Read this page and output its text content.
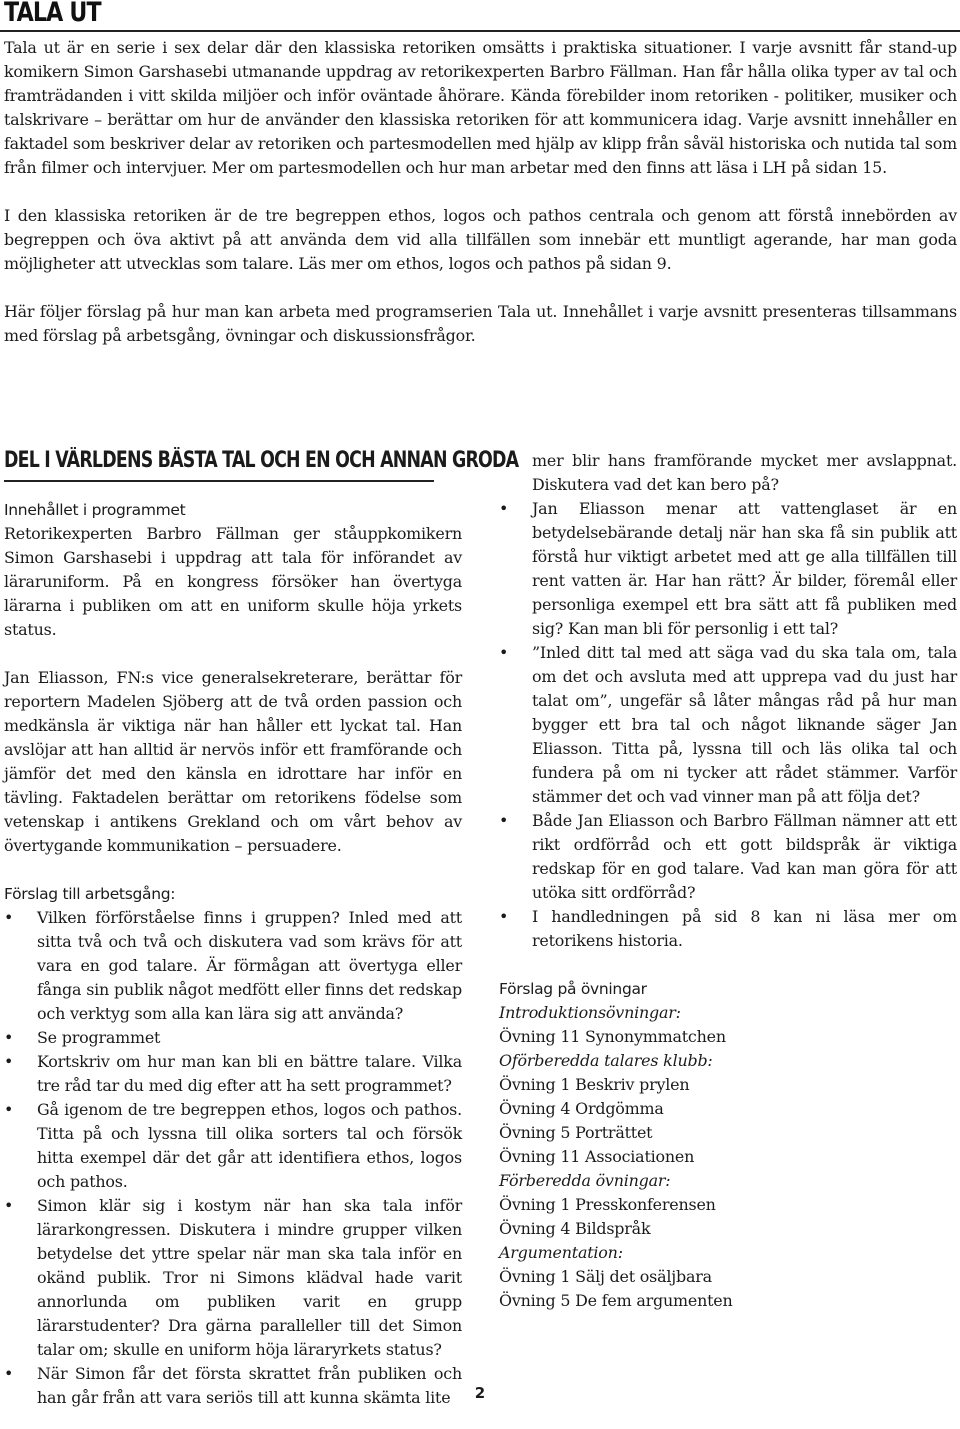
TALA UT

Tala ut är en serie i sex delar där den klassiska retoriken omsätts i praktiska situationer. I varje avsnitt får stand-up komikern Simon Garshasebi utmanande uppdrag av retorikexperten Barbro Fällman. Han får hålla olika typer av tal och framträdanden i vitt skilda miljöer och inför oväntade åhörare. Kända förebilder inom retoriken - politiker, musiker och talskrivare – berättar om hur de använder den klassiska retoriken för att kommunicera idag. Varje avsnitt innehåller en faktadel som beskriver delar av retoriken och partesmodellen med hjälp av klipp från såväl historiska och nutida tal som från filmer och intervjuer. Mer om partesmodellen och hur man arbetar med den finns att läsa i LH på sidan 15.

I den klassiska retoriken är de tre begreppen ethos, logos och pathos centrala och genom att förstå innebörden av begreppen och öva aktivt på att använda dem vid alla tillfällen som innebär ett muntligt agerande, har man goda möjligheter att utvecklas som talare. Läs mer om ethos, logos och pathos på sidan 9.

Här följer förslag på hur man kan arbeta med programserien Tala ut. Innehållet i varje avsnitt presenteras tillsammans med förslag på arbetsgång, övningar och diskussionsfrågor.

DEL I VÄRLDENS BÄSTA TAL OCH EN OCH ANNAN GRODA

Innehållet i programmet

Retorikexperten Barbro Fällman ger ståuppkomikern Simon Garshasebi i uppdrag att tala för införandet av läraruniform. På en kongress försöker han övertyga lärarna i publiken om att en uniform skulle höja yrkets status.

Jan Eliasson, FN:s vice generalsekreterare, berättar för reportern Madelen Sjöberg att de två orden passion och medkänsla är viktiga när han håller ett lyckat tal. Han avslöjar att han alltid är nervös inför ett framförande och jämför det med den känsla en idrottare har inför en tävling. Faktadelen berättar om retorikens födelse som vetenskap i antikens Grekland och om vårt behov av övertygande kommunikation – persuadere.

Förslag till arbetsgång:

• Vilken förförståelse finns i gruppen? Inled med att sitta två och två och diskutera vad som krävs för att vara en god talare. Är förmågan att övertyga eller fånga sin publik något medfött eller finns det redskap och verktyg som alla kan lära sig att använda?
• Se programmet
• Kortskriv om hur man kan bli en bättre talare. Vilka tre råd tar du med dig efter att ha sett programmet?
• Gå igenom de tre begreppen ethos, logos och pathos. Titta på och lyssna till olika sorters tal och försök hitta exempel där det går att identifiera ethos, logos och pathos.
• Simon klär sig i kostym när han ska tala inför lärarkongressen. Diskutera i mindre grupper vilken betydelse det yttre spelar när man ska tala inför en okänd publik. Tror ni Simons klädval hade varit annorlunda om publiken varit en grupp lärarstudenter? Dra gärna paralleller till det Simon talar om; skulle en uniform höja läraryrkets status?
• När Simon får det första skrattet från publiken och han går från att vara seriös till att kunna skämta lite

mer blir hans framförande mycket mer avslappnat. Diskutera vad det kan bero på?

• Jan Eliasson menar att vattenglaset är en betydelsebärande detalj när han ska få sin publik att förstå hur viktigt arbetet med att ge alla tillfällen till rent vatten är. Har han rätt? Är bilder, föremål eller personliga exempel ett bra sätt att få publiken med sig? Kan man bli för personlig i ett tal?
• ”Inled ditt tal med att säga vad du ska tala om, tala om det och avsluta med att upprepa vad du just har talat om”, ungefär så låter mångas råd på hur man bygger ett bra tal och något liknande säger Jan Eliasson. Titta på, lyssna till och läs olika tal och fundera på om ni tycker att rådet stämmer. Varför stämmer det och vad vinner man på att följa det?
• Både Jan Eliasson och Barbro Fällman nämner att ett rikt ordförråd och ett gott bildspråk är viktiga redskap för en god talare. Vad kan man göra för att utöka sitt ordförråd?
• I handledningen på sid 8 kan ni läsa mer om retorikens historia.

Förslag på övningar

Introduktionsövningar:
Övning 11 Synonymmatchen
Oförberedda talares klubb:
Övning 1 Beskriv prylen
Övning 4 Ordgömma
Övning 5 Porträttet
Övning 11 Associationen
Förberedda övningar:
Övning 1 Presskonferensen
Övning 4 Bildspråk
Argumentation:
Övning 1 Sälj det osäljbara
Övning 5 De fem argumenten
2
